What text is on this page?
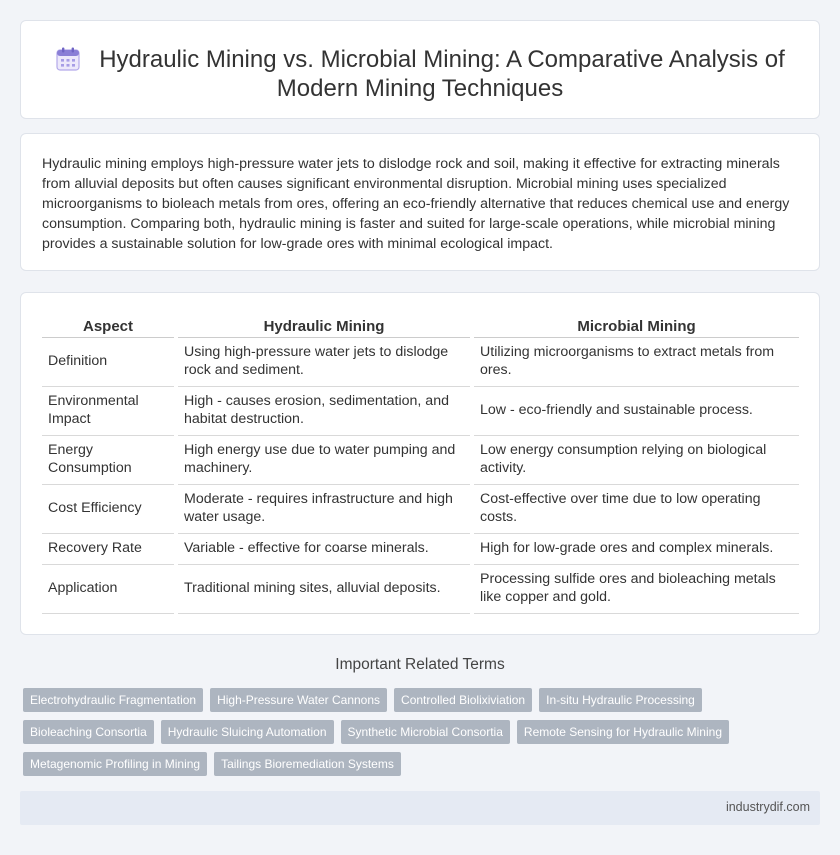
Hydraulic Mining vs. Microbial Mining: A Comparative Analysis of Modern Mining Techniques

Hydraulic mining employs high-pressure water jets to dislodge rock and soil, making it effective for extracting minerals from alluvial deposits but often causes significant environmental disruption. Microbial mining uses specialized microorganisms to bioleach metals from ores, offering an eco-friendly alternative that reduces chemical use and energy consumption. Comparing both, hydraulic mining is faster and suited for large-scale operations, while microbial mining provides a sustainable solution for low-grade ores with minimal ecological impact.

Aspect	Hydraulic Mining	Microbial Mining
Definition	Using high-pressure water jets to dislodge rock and sediment.	Utilizing microorganisms to extract metals from ores.
Environmental Impact	High - causes erosion, sedimentation, and habitat destruction.	Low - eco-friendly and sustainable process.
Energy Consumption	High energy use due to water pumping and machinery.	Low energy consumption relying on biological activity.
Cost Efficiency	Moderate - requires infrastructure and high water usage.	Cost-effective over time due to low operating costs.
Recovery Rate	Variable - effective for coarse minerals.	High for low-grade ores and complex minerals.
Application	Traditional mining sites, alluvial deposits.	Processing sulfide ores and bioleaching metals like copper and gold.
Important Related Terms
Electrohydraulic Fragmentation	High-Pressure Water Cannons	Controlled Biolixiviation	In-situ Hydraulic Processing
Bioleaching Consortia	Hydraulic Sluicing Automation	Synthetic Microbial Consortia	Remote Sensing for Hydraulic Mining
Metagenomic Profiling in Mining	Tailings Bioremediation Systems
industrydif.com
